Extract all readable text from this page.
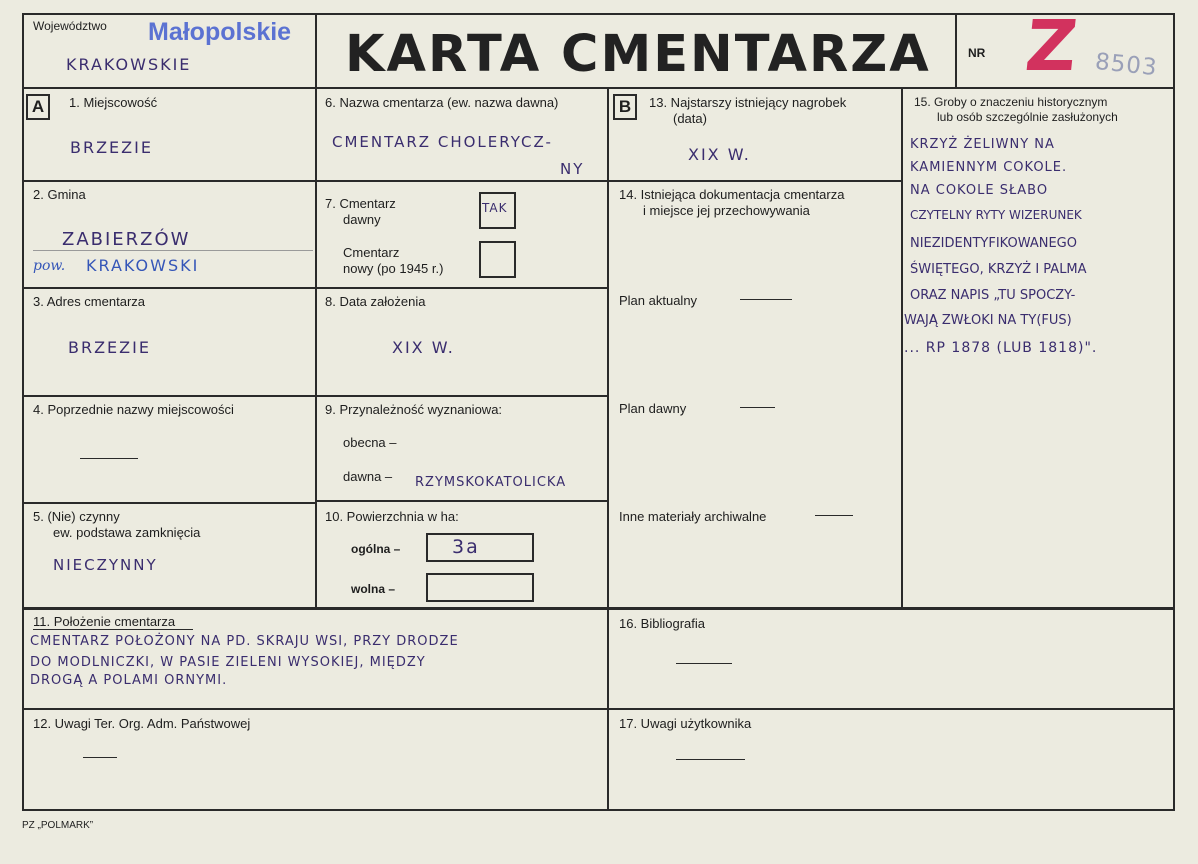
Województwo Małopolskie
KRAKOWSKIE	KARTA CMENTARZA	NR Z 8503
A	B
1. Miejscowość
BRZEZIE
2. Gmina
ZABIERZÓW
pow. KRAKOWSKI
3. Adres cmentarza
BRZEZIE
4. Poprzednie nazwy miejscowości
5. (Nie) czynny
ew. podstawa zamknięcia
NIECZYNNY
6. Nazwa cmentarza (ew. nazwa dawna)
CMENTARZ CHOLERYCZ-
NY
7. Cmentarz
dawny
TAK
Cmentarz
nowy (po 1945 r.)
8. Data założenia
XIX W.
9. Przynależność wyznaniowa:
obecna –
dawna – RZYMSKOKATOLICKA
10. Powierzchnia w ha:
ogólna –	3a
wolna –
11. Położenie cmentarza
CMENTARZ POŁOŻONY NA PD. SKRAJU WSI, PRZY DRODZE
DO MODLNICZKI, W PASIE ZIELENI WYSOKIEJ, MIĘDZY
DROGĄ A POLAMI ORNYMI.
12. Uwagi Ter. Org. Adm. Państwowej
13. Najstarszy istniejący nagrobek
(data)
XIX W.
14. Istniejąca dokumentacja cmentarza
i miejsce jej przechowywania
Plan aktualny
Plan dawny
Inne materiały archiwalne
15. Groby o znaczeniu historycznym
lub osób szczególnie zasłużonych
KRZYŻ ŻELIWNY NA
KAMIENNYM COKOLE.
NA COKOLE SŁABO
CZYTELNY RYTY WIZERUNEK
NIEZIDENTYFIKOWANEGO
ŚWIĘTEGO, KRZYŻ I PALMA
ORAZ NAPIS „TU SPOCZY-
WAJĄ ZWŁOKI NA TY(FUS)
... RP 1878 (LUB 1818)".
16. Bibliografia
17. Uwagi użytkownika
PZ „POLMARK”
